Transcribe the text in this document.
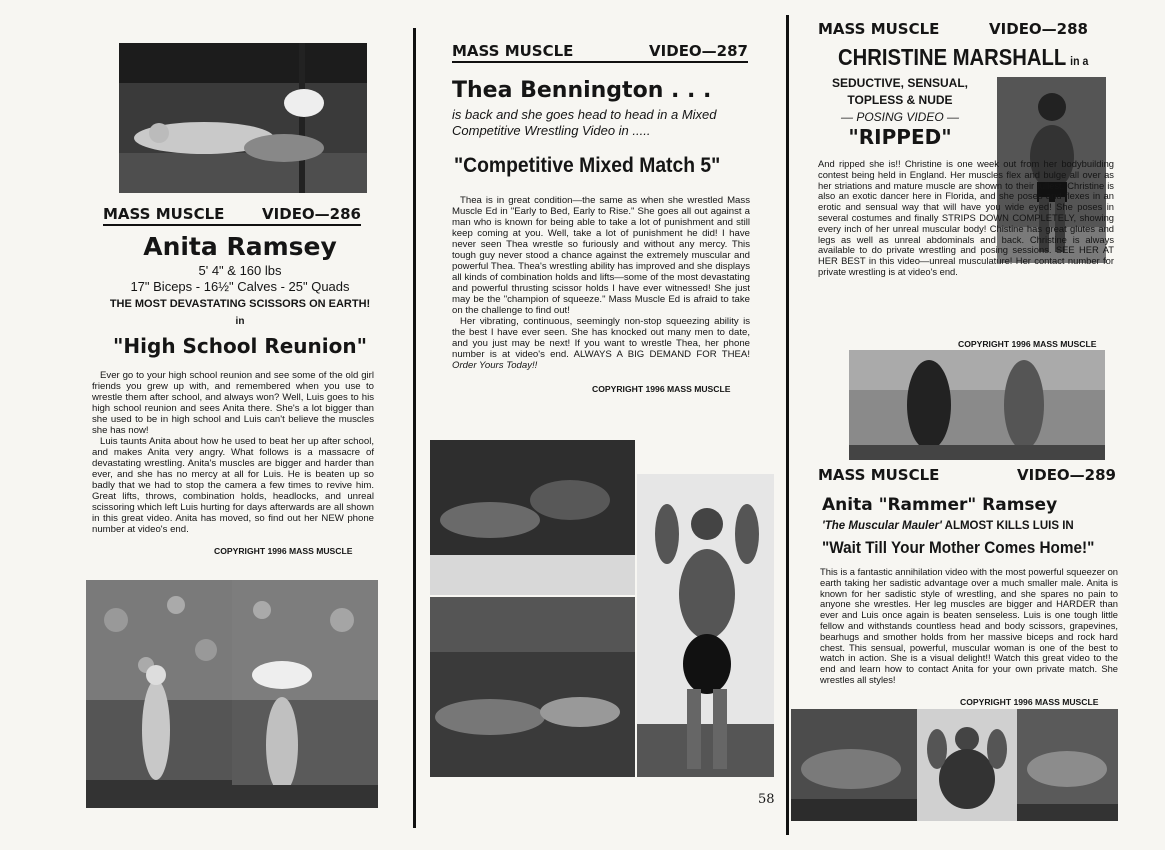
MASS MUSCLE	VIDEO—286
Anita Ramsey
5' 4" & 160 lbs
17" Biceps - 16½" Calves - 25" Quads
THE MOST DEVASTATING SCISSORS ON EARTH!
in
"High School Reunion"
Ever go to your high school reunion and see some of the old girl friends you grew up with, and remembered when you use to wrestle them after school, and always won? Well, Luis goes to his high school reunion and sees Anita there. She's a lot bigger than she used to be in high school and Luis can't believe the muscles she has now!
Luis taunts Anita about how he used to beat her up after school, and makes Anita very angry. What follows is a massacre of devastating wrestling. Anita's muscles are bigger and harder than ever, and she has no mercy at all for Luis. He is beaten up so badly that we had to stop the camera a few times to revive him. Great lifts, throws, combination holds, headlocks, and unreal scissoring which left Luis hurting for days afterwards are all shown in this great video. Anita has moved, so find out her NEW phone number at video's end.
COPYRIGHT 1996 MASS MUSCLE
MASS MUSCLE	VIDEO—287
Thea Bennington . . .
is back and she goes head to head in a Mixed Competitive Wrestling Video in .....
"Competitive Mixed Match 5"
Thea is in great condition—the same as when she wrestled Mass Muscle Ed in "Early to Bed, Early to Rise." She goes all out against a man who is known for being able to take a lot of punishment and still keep coming at you. Well, take a lot of punishment he did! I have never seen Thea wrestle so furiously and without any mercy. This tough guy never stood a chance against the extremely muscular and powerful Thea. Thea's wrestling ability has improved and she displays all kinds of combination holds and lifts—some of the most devastating and powerful thrusting scissor holds I have ever witnessed! She just may be the "champion of squeeze." Mass Muscle Ed is afraid to take on the challenge to find out!
Her vibrating, continuous, seemingly non-stop squeezing ability is the best I have ever seen. She has knocked out many men to date, and you just may be next! If you want to wrestle Thea, her phone number is at video's end. ALWAYS A BIG DEMAND FOR THEA! Order Yours Today!!
COPYRIGHT 1996 MASS MUSCLE
58
MASS MUSCLE	VIDEO—288
CHRISTINE MARSHALL in a
SEDUCTIVE, SENSUAL,
TOPLESS & NUDE
— POSING VIDEO —
"RIPPED"
And ripped she is!! Christine is one week out from her bodybuilding contest being held in England. Her muscles flex and bulge all over as her striations and mature muscle are shown to their fullest. Christine is also an exotic dancer here in Florida, and she poses and flexes in an erotic and sensual way that will have you wide eyed! She poses in several costumes and finally STRIPS DOWN COMPLETELY, showing every inch of her unreal muscular body! Chistine has great glutes and legs as well as unreal abdominals and back. Christine is always available to do private wrestling and posing sessions. SEE HER AT HER BEST in this video—unreal musculature! Her contact number for private wrestling is at video's end.
COPYRIGHT 1996 MASS MUSCLE
MASS MUSCLE	VIDEO—289
Anita "Rammer" Ramsey
'The Muscular Mauler' ALMOST KILLS LUIS IN
"Wait Till Your Mother Comes Home!"
This is a fantastic annihilation video with the most powerful squeezer on earth taking her sadistic advantage over a much smaller male. Anita is known for her sadistic style of wrestling, and she spares no pain to anyone she wrestles. Her leg muscles are bigger and HARDER than ever and Luis once again is beaten senseless. Luis is one tough little fellow and withstands countless head and body scissors, grapevines, bearhugs and smother holds from her massive biceps and rock hard chest. This sensual, powerful, muscular woman is one of the best to watch in action. She is a visual delight!! Watch this great video to the end and learn how to contact Anita for your own private match. She wrestles all styles!
COPYRIGHT 1996 MASS MUSCLE
